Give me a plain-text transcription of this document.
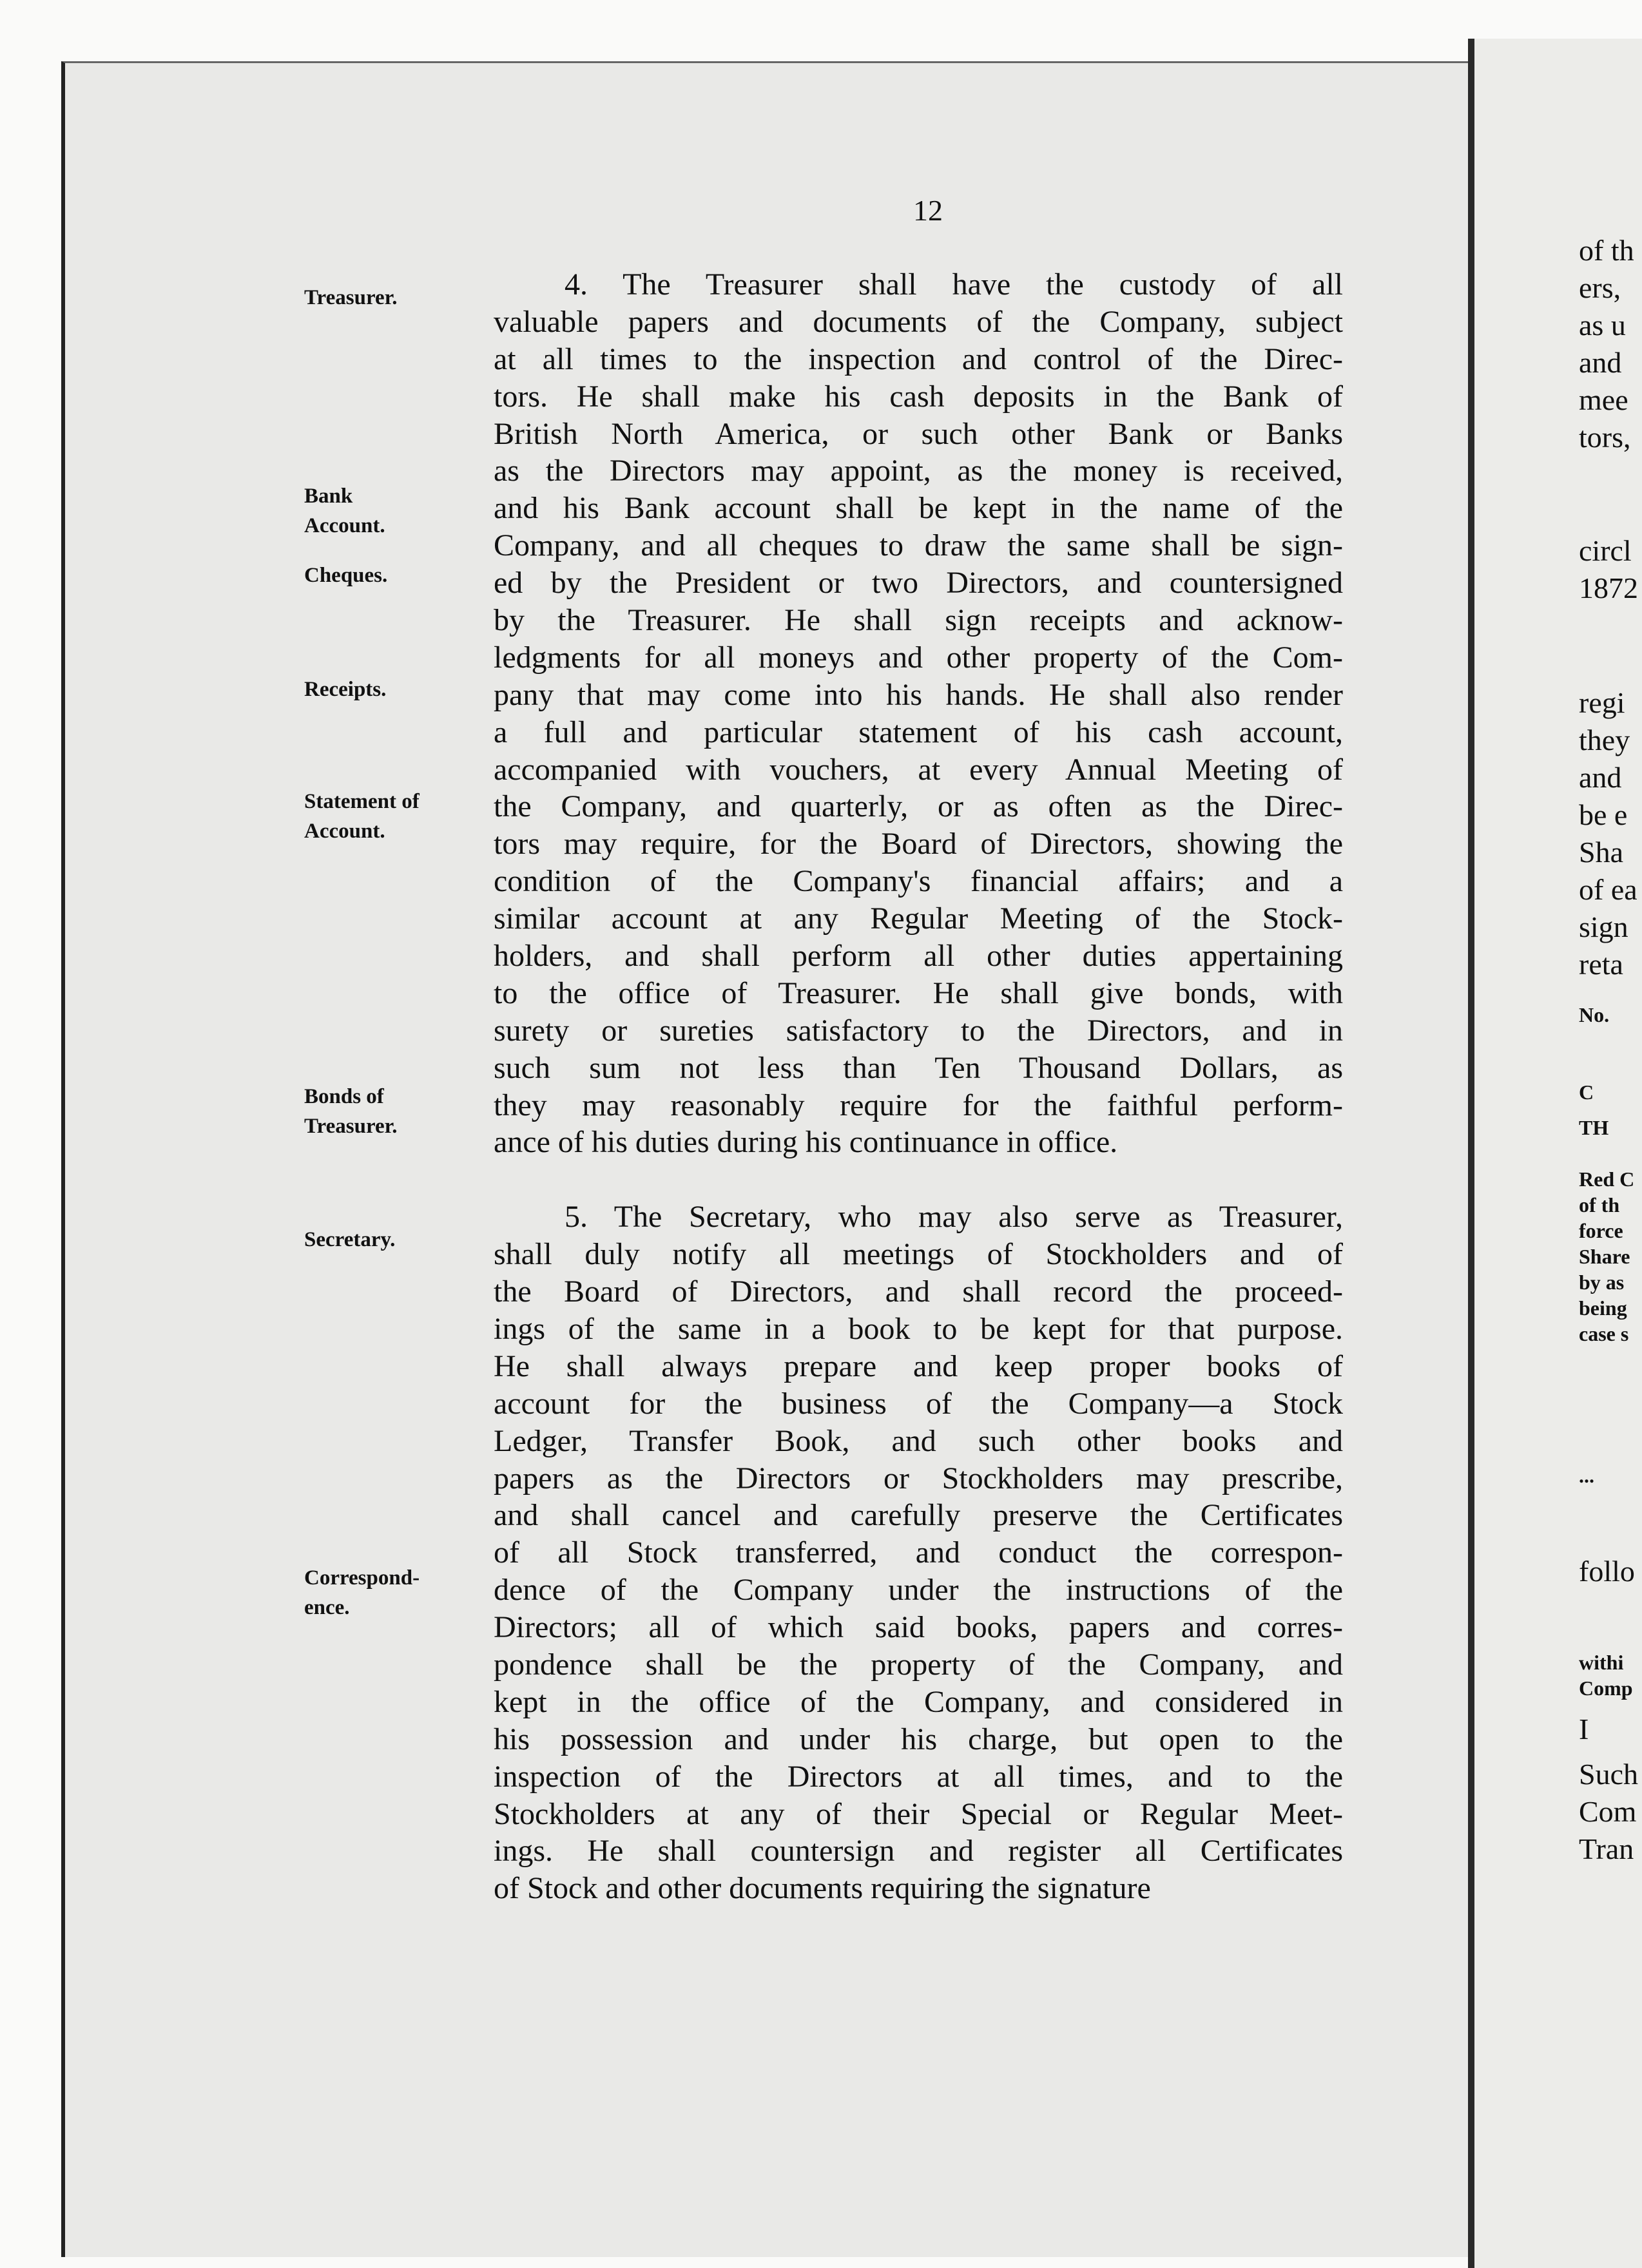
12
Treasurer.
Bank
Account.
Cheques.
Receipts.
Statement of
Account.
Bonds of
Treasurer.
Secretary.
Correspond-
ence.
4. The Treasurer shall have the custody of all
valuable papers and documents of the Company, subject
at all times to the inspection and control of the Direc-
tors. He shall make his cash deposits in the Bank of
British North America, or such other Bank or Banks
as the Directors may appoint, as the money is received,
and his Bank account shall be kept in the name of the
Company, and all cheques to draw the same shall be sign-
ed by the President or two Directors, and countersigned
by the Treasurer. He shall sign receipts and acknow-
ledgments for all moneys and other property of the Com-
pany that may come into his hands. He shall also render
a full and particular statement of his cash account,
accompanied with vouchers, at every Annual Meeting of
the Company, and quarterly, or as often as the Direc-
tors may require, for the Board of Directors, showing the
condition of the Company's financial affairs; and a
similar account at any Regular Meeting of the Stock-
holders, and shall perform all other duties appertaining
to the office of Treasurer. He shall give bonds, with
surety or sureties satisfactory to the Directors, and in
such sum not less than Ten Thousand Dollars, as
they may reasonably require for the faithful perform-
ance of his duties during his continuance in office.
5. The Secretary, who may also serve as Treasurer,
shall duly notify all meetings of Stockholders and of
the Board of Directors, and shall record the proceed-
ings of the same in a book to be kept for that purpose.
He shall always prepare and keep proper books of
account for the business of the Company—a Stock
Ledger, Transfer Book, and such other books and
papers as the Directors or Stockholders may prescribe,
and shall cancel and carefully preserve the Certificates
of all Stock transferred, and conduct the correspon-
dence of the Company under the instructions of the
Directors; all of which said books, papers and corres-
pondence shall be the property of the Company, and
kept in the office of the Company, and considered in
his possession and under his charge, but open to the
inspection of the Directors at all times, and to the
Stockholders at any of their Special or Regular Meet-
ings. He shall countersign and register all Certificates
of Stock and other documents requiring the signature
of th
ers,
as u
and
mee
tors,
circl
1872
regi
they
and
be e
Sha
of ea
sign
reta
No.
C
TH
Red C
of th
force
Share
by as
being
case s
...
follo
withi
Comp
I
Such
Com
Tran
